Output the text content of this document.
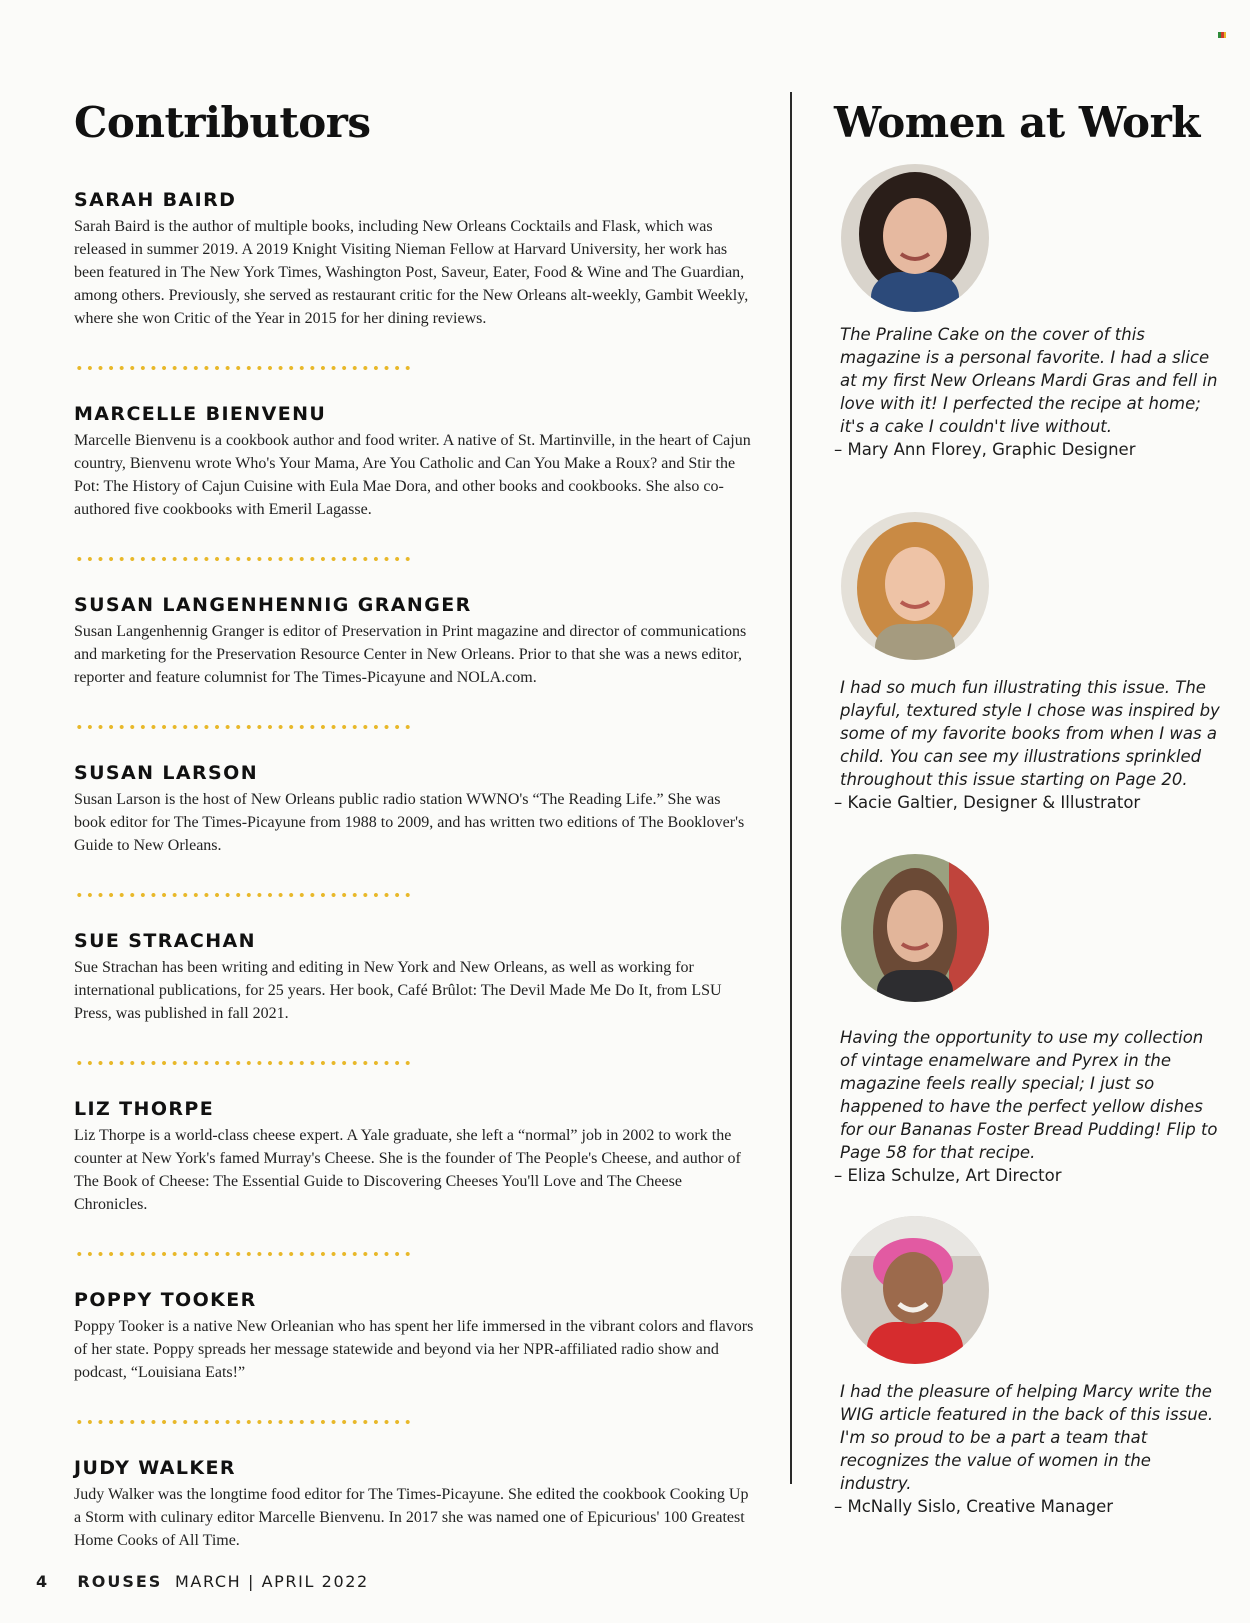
Contributors	Women at Work
SARAH BAIRD

Sarah Baird is the author of multiple books, including New Orleans Cocktails and Flask, which was released in summer 2019. A 2019 Knight Visiting Nieman Fellow at Harvard University, her work has been featured in The New York Times, Washington Post, Saveur, Eater, Food & Wine and The Guardian, among others. Previously, she served as restaurant critic for the New Orleans alt-weekly, Gambit Weekly, where she won Critic of the Year in 2015 for her dining reviews.

MARCELLE BIENVENU

Marcelle Bienvenu is a cookbook author and food writer. A native of St. Martinville, in the heart of Cajun country, Bienvenu wrote Who's Your Mama, Are You Catholic and Can You Make a Roux? and Stir the Pot: The History of Cajun Cuisine with Eula Mae Dora, and other books and cookbooks. She also co-authored five cookbooks with Emeril Lagasse.

SUSAN LANGENHENNIG GRANGER

Susan Langenhennig Granger is editor of Preservation in Print magazine and director of communications and marketing for the Preservation Resource Center in New Orleans. Prior to that she was a news editor, reporter and feature columnist for The Times-Picayune and NOLA.com.

SUSAN LARSON

Susan Larson is the host of New Orleans public radio station WWNO's “The Reading Life.” She was book editor for The Times-Picayune from 1988 to 2009, and has written two editions of The Booklover's Guide to New Orleans.

SUE STRACHAN

Sue Strachan has been writing and editing in New York and New Orleans, as well as working for international publications, for 25 years. Her book, Café Brûlot: The Devil Made Me Do It, from LSU Press, was published in fall 2021.

LIZ THORPE

Liz Thorpe is a world-class cheese expert. A Yale graduate, she left a “normal” job in 2002 to work the counter at New York's famed Murray's Cheese. She is the founder of The People's Cheese, and author of The Book of Cheese: The Essential Guide to Discovering Cheeses You'll Love and The Cheese Chronicles.

POPPY TOOKER

Poppy Tooker is a native New Orleanian who has spent her life immersed in the vibrant colors and flavors of her state. Poppy spreads her message statewide and beyond via her NPR-affiliated radio show and podcast, “Louisiana Eats!”

JUDY WALKER

Judy Walker was the longtime food editor for The Times-Picayune. She edited the cookbook Cooking Up a Storm with culinary editor Marcelle Bienvenu. In 2017 she was named one of Epicurious' 100 Greatest Home Cooks of All Time.

The Praline Cake on the cover of this magazine is a personal favorite. I had a slice at my first New Orleans Mardi Gras and fell in love with it! I perfected the recipe at home; it's a cake I couldn't live without.
– Mary Ann Florey, Graphic Designer
I had so much fun illustrating this issue. The playful, textured style I chose was inspired by some of my favorite books from when I was a child. You can see my illustrations sprinkled throughout this issue starting on Page 20.
– Kacie Galtier, Designer & Illustrator
Having the opportunity to use my collection of vintage enamelware and Pyrex in the magazine feels really special; I just so happened to have the perfect yellow dishes for our Bananas Foster Bread Pudding! Flip to Page 58 for that recipe.
– Eliza Schulze, Art Director
I had the pleasure of helping Marcy write the WIG article featured in the back of this issue. I'm so proud to be a part a team that recognizes the value of women in the industry.
– McNally Sislo, Creative Manager
4 ROUSES MARCH | APRIL 2022
